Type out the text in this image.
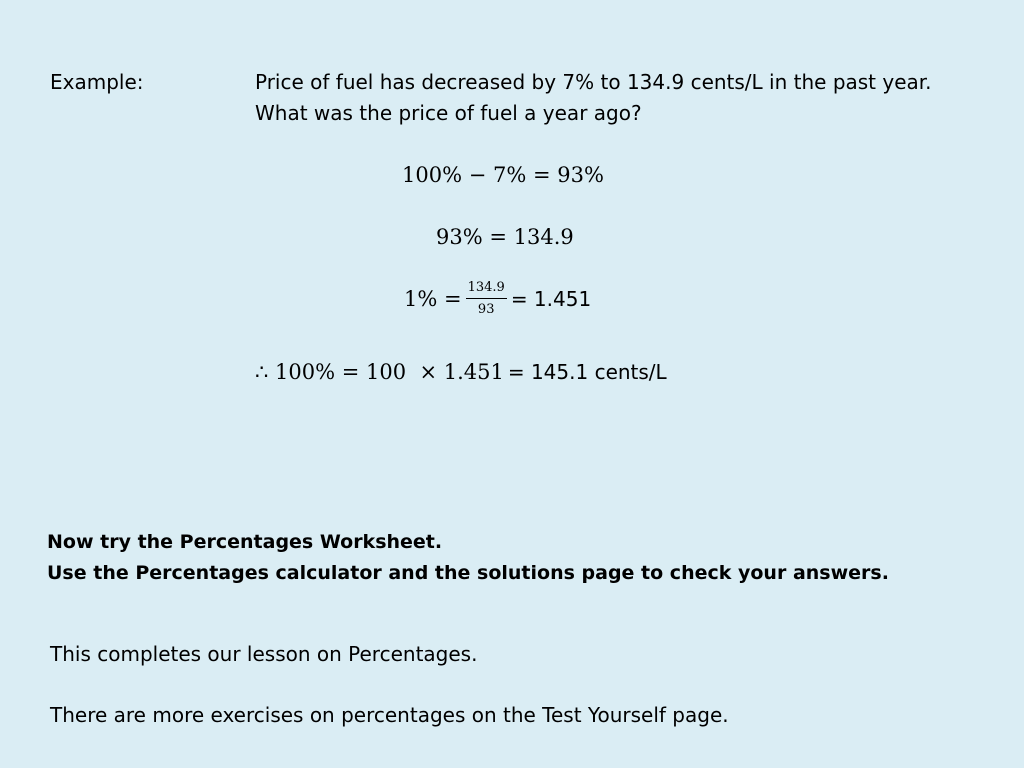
Example:	Price of fuel has decreased by 7% to 134.9 cents/L in the past year.
What was the price of fuel a year ago?
100% − 7% = 93%
93% = 134.9
$1\% = \frac{134.9}{93} = 1.451$
∴ 100% = 100  × 1.451 = 145.1 cents/L
Now try the Percentages Worksheet.
Use the Percentages calculator and the solutions page to check your answers.
This completes our lesson on Percentages.
There are more exercises on percentages on the Test Yourself page.
